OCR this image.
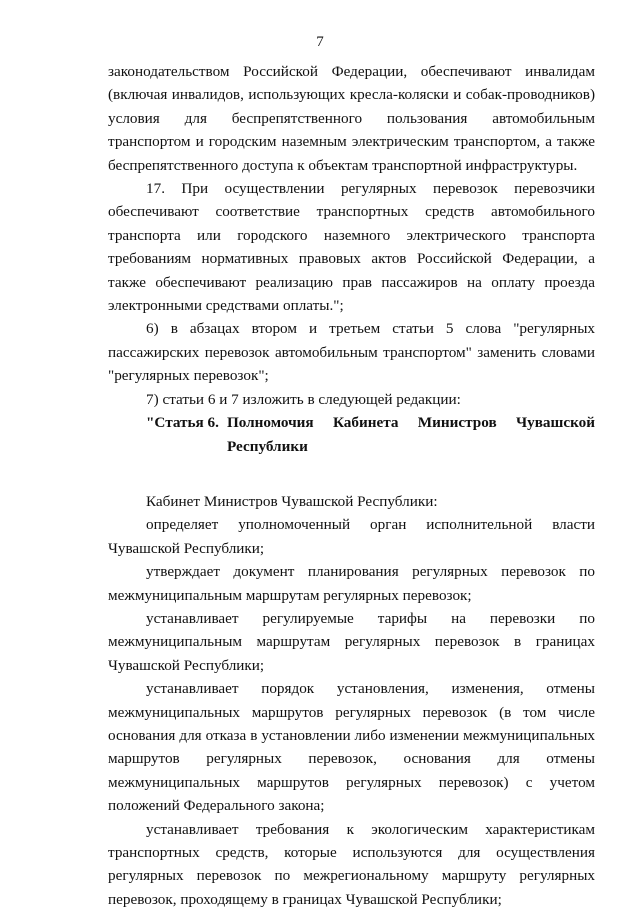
7

законодательством Российской Федерации, обеспечивают инвалидам (включая инвалидов, использующих кресла-коляски и собак-проводников) условия для беспрепятственного пользования автомобильным транспортом и городским наземным электрическим транспортом, а также беспрепятственного доступа к объектам транспортной инфраструктуры.

17. При осуществлении регулярных перевозок перевозчики обеспечивают соответствие транспортных средств автомобильного транспорта или городского наземного электрического транспорта требованиям нормативных правовых актов Российской Федерации, а также обеспечивают реализацию прав пассажиров на оплату проезда электронными средствами оплаты.";

6) в абзацах втором и третьем статьи 5 слова "регулярных пассажирских перевозок автомобильным транспортом" заменить словами "регулярных перевозок";

7) статьи 6 и 7 изложить в следующей редакции:

"Статья 6. Полномочия Кабинета Министров Чувашской Республики

Кабинет Министров Чувашской Республики:

определяет уполномоченный орган исполнительной власти Чувашской Республики;

утверждает документ планирования регулярных перевозок по межмуниципальным маршрутам регулярных перевозок;

устанавливает регулируемые тарифы на перевозки по межмуниципальным маршрутам регулярных перевозок в границах Чувашской Республики;

устанавливает порядок установления, изменения, отмены межмуниципальных маршрутов регулярных перевозок (в том числе основания для отказа в установлении либо изменении межмуниципальных маршрутов регулярных перевозок, основания для отмены межмуниципальных маршрутов регулярных перевозок) с учетом положений Федерального закона;

устанавливает требования к экологическим характеристикам транспортных средств, которые используются для осуществления регулярных перевозок по межрегиональному маршруту регулярных перевозок, проходящему в границах Чувашской Республики;
